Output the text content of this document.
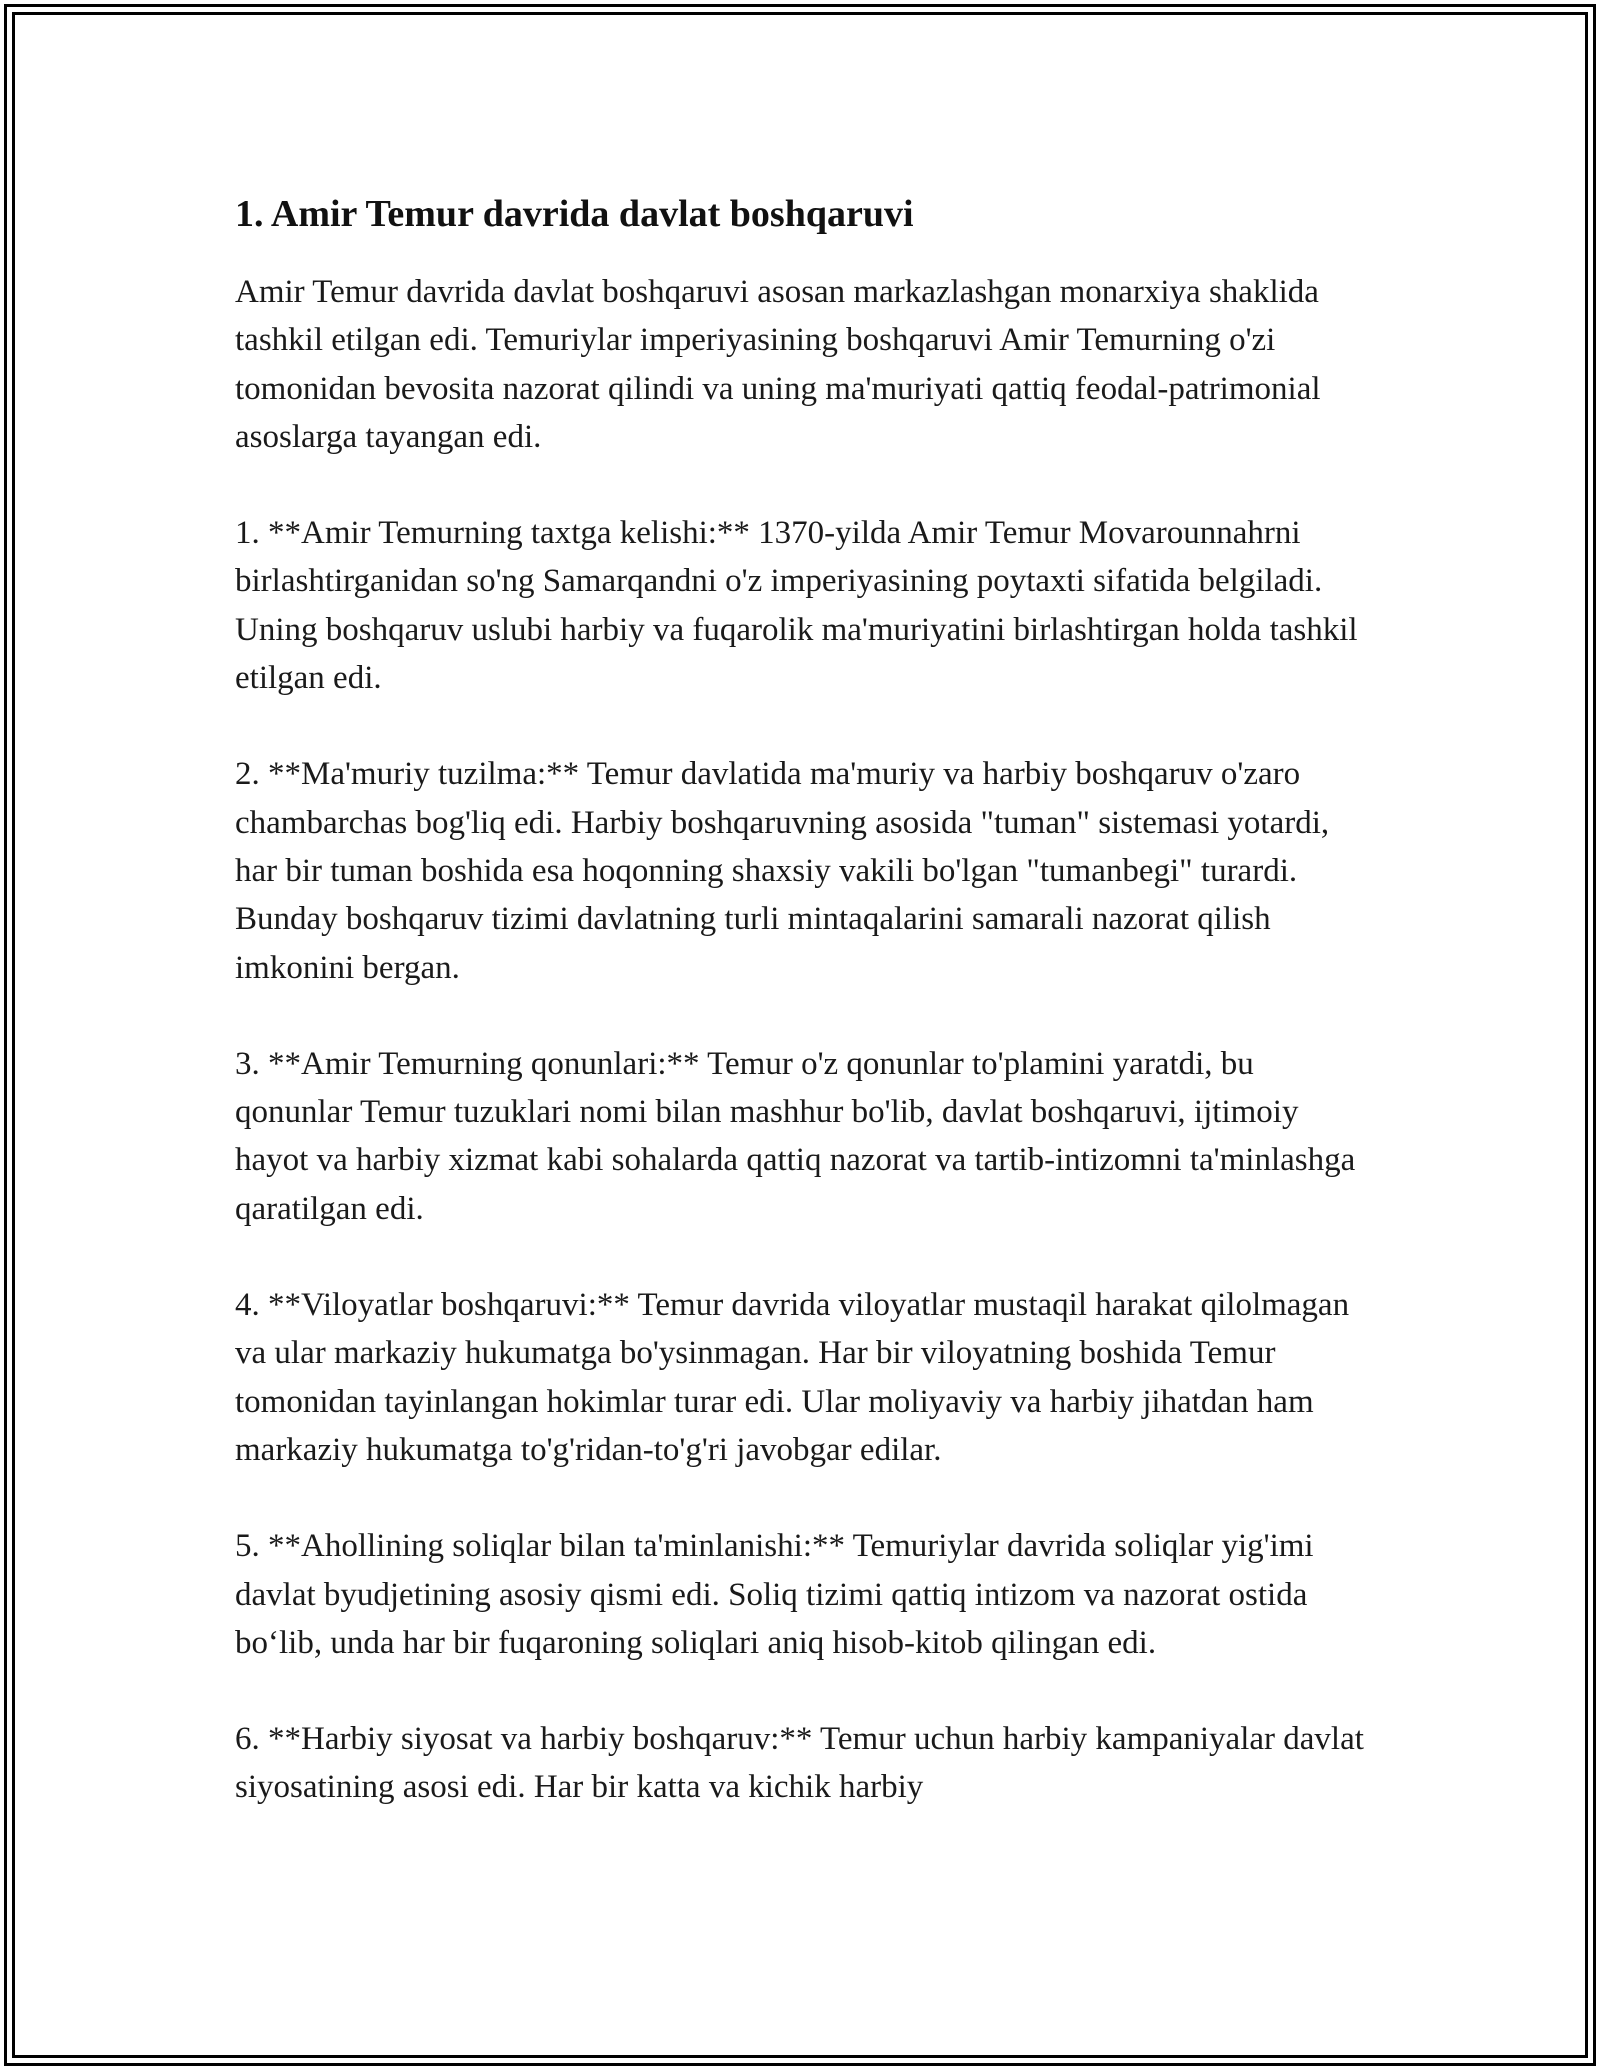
1. Amir Temur davrida davlat boshqaruvi

Amir Temur davrida davlat boshqaruvi asosan markazlashgan monarxiya shaklida tashkil etilgan edi. Temuriylar imperiyasining boshqaruvi Amir Temurning o'zi tomonidan bevosita nazorat qilindi va uning ma'muriyati qattiq feodal-patrimonial asoslarga tayangan edi.

1. **Amir Temurning taxtga kelishi:** 1370-yilda Amir Temur Movarounnahrni birlashtirganidan so'ng Samarqandni o'z imperiyasining poytaxti sifatida belgiladi. Uning boshqaruv uslubi harbiy va fuqarolik ma'muriyatini birlashtirgan holda tashkil etilgan edi.

2. **Ma'muriy tuzilma:** Temur davlatida ma'muriy va harbiy boshqaruv o'zaro chambarchas bog'liq edi. Harbiy boshqaruvning asosida "tuman" sistemasi yotardi, har bir tuman boshida esa hoqonning shaxsiy vakili bo'lgan "tumanbegi" turardi. Bunday boshqaruv tizimi davlatning turli mintaqalarini samarali nazorat qilish imkonini bergan.

3. **Amir Temurning qonunlari:** Temur o'z qonunlar to'plamini yaratdi, bu qonunlar Temur tuzuklari nomi bilan mashhur bo'lib, davlat boshqaruvi, ijtimoiy hayot va harbiy xizmat kabi sohalarda qattiq nazorat va tartib-intizomni ta'minlashga qaratilgan edi.

4. **Viloyatlar boshqaruvi:** Temur davrida viloyatlar mustaqil harakat qilolmagan va ular markaziy hukumatga bo'ysinmagan. Har bir viloyatning boshida Temur tomonidan tayinlangan hokimlar turar edi. Ular moliyaviy va harbiy jihatdan ham markaziy hukumatga to'g'ridan-to'g'ri javobgar edilar.

5. **Ahollining soliqlar bilan ta'minlanishi:** Temuriylar davrida soliqlar yig'imi davlat byudjetining asosiy qismi edi. Soliq tizimi qattiq intizom va nazorat ostida bo‘lib, unda har bir fuqaroning soliqlari aniq hisob-kitob qilingan edi.

6. **Harbiy siyosat va harbiy boshqaruv:** Temur uchun harbiy kampaniyalar davlat siyosatining asosi edi. Har bir katta va kichik harbiy
